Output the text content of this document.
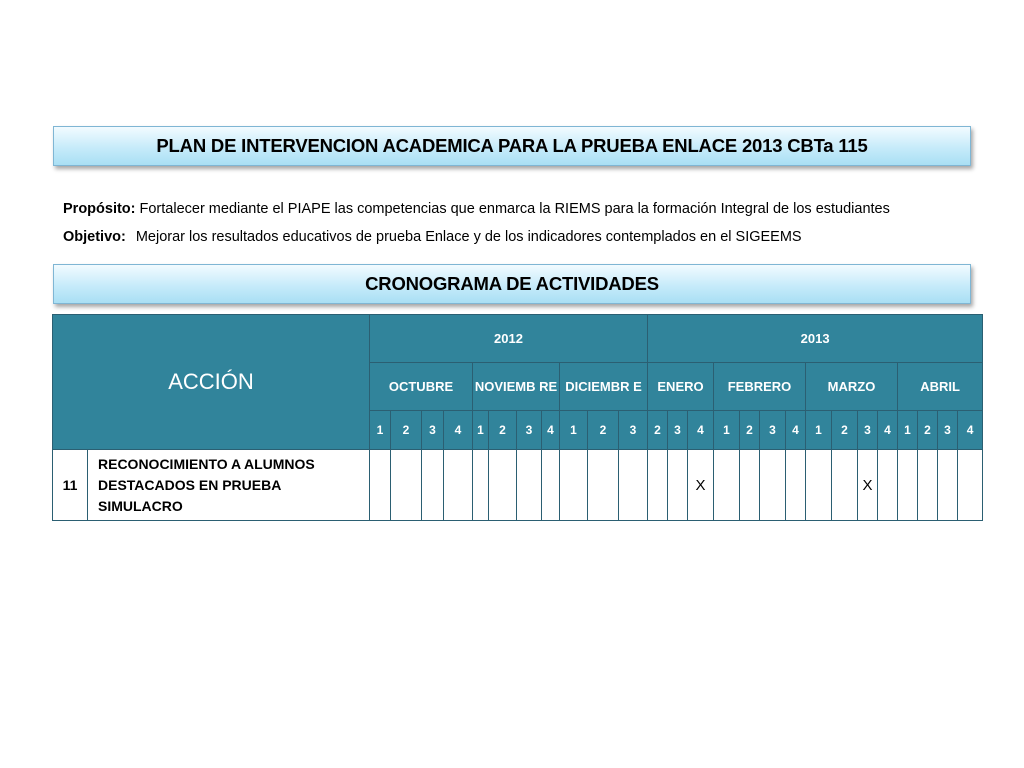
PLAN DE INTERVENCION ACADEMICA PARA LA PRUEBA ENLACE 2013 CBTa 115
Propósito: Fortalecer mediante el PIAPE las competencias que enmarca la RIEMS para la formación Integral de los estudiantes
Objetivo: Mejorar los resultados educativos de prueba Enlace y de los indicadores contemplados en el SIGEEMS
CRONOGRAMA DE ACTIVIDADES
ACCIÓN		2012											2013														
		OCTUBRE				NOVIEMB RE				DICIEMBR E			ENERO			FEBRERO				MARZO				ABRIL			
		1	2	3	4	1	2	3	4	1	2	3	2	3	4	1	2	3	4	1	2	3	4	1	2	3	4
11	RECONOCIMIENTO A ALUMNOS DESTACADOS EN PRUEBA SIMULACRO														X							X					
